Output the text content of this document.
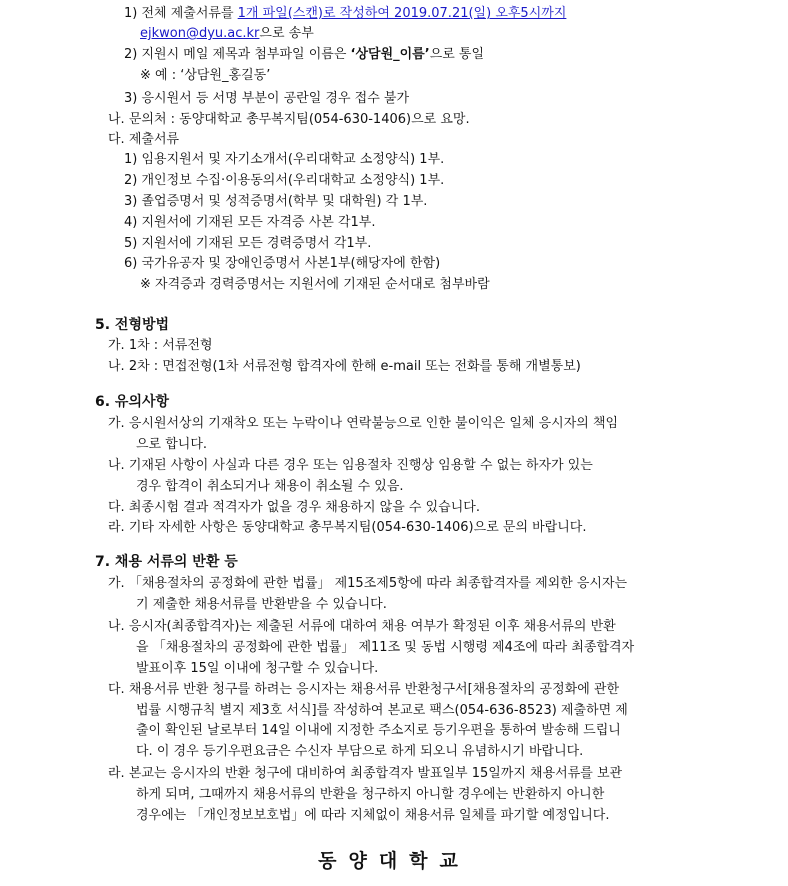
1) 전체 제출서류를 1개 파일(스캔)로 작성하여 2019.07.21(일) 오후5시까지
ejkwon@dyu.ac.kr으로 송부
2) 지원시 메일 제목과 첨부파일 이름은 ‘상담원_이름’으로 통일
※ 예 : ‘상담원_홍길동’
3) 응시원서 등 서명 부분이 공란일 경우 접수 불가
나. 문의처 : 동양대학교 총무복지팀(054-630-1406)으로 요망.
다. 제출서류
1) 임용지원서 및 자기소개서(우리대학교 소정양식) 1부.
2) 개인정보 수집·이용동의서(우리대학교 소정양식) 1부.
3) 졸업증명서 및 성적증명서(학부 및 대학원) 각 1부.
4) 지원서에 기재된 모든 자격증 사본 각1부.
5) 지원서에 기재된 모든 경력증명서 각1부.
6) 국가유공자 및 장애인증명서 사본1부(해당자에 한함)
※ 자격증과 경력증명서는 지원서에 기재된 순서대로 첨부바람
5. 전형방법
가. 1차 : 서류전형
나. 2차 : 면접전형(1차 서류전형 합격자에 한해 e-mail 또는 전화를 통해 개별통보)
6. 유의사항
가. 응시원서상의 기재착오 또는 누락이나 연락불능으로 인한 불이익은 일체 응시자의 책임
으로 합니다.
나. 기재된 사항이 사실과 다른 경우 또는 임용절차 진행상 임용할 수 없는 하자가 있는
경우 합격이 취소되거나 채용이 취소될 수 있음.
다. 최종시험 결과 적격자가 없을 경우 채용하지 않을 수 있습니다.
라. 기타 자세한 사항은 동양대학교 총무복지팀(054-630-1406)으로 문의 바랍니다.
7. 채용 서류의 반환 등
가. 「채용절차의 공정화에 관한 법률」 제15조제5항에 따라 최종합격자를 제외한 응시자는
기 제출한 채용서류를 반환받을 수 있습니다.
나. 응시자(최종합격자)는 제출된 서류에 대하여 채용 여부가 확정된 이후 채용서류의 반환
을 「채용절차의 공정화에 관한 법률」 제11조 및 동법 시행령 제4조에 따라 최종합격자
발표이후 15일 이내에 청구할 수 있습니다.
다. 채용서류 반환 청구를 하려는 응시자는 채용서류 반환청구서[채용절차의 공정화에 관한
법률 시행규칙 별지 제3호 서식]를 작성하여 본교로 팩스(054-636-8523) 제출하면 제
출이 확인된 날로부터 14일 이내에 지정한 주소지로 등기우편을 통하여 발송해 드립니
다. 이 경우 등기우편요금은 수신자 부담으로 하게 되오니 유념하시기 바랍니다.
라. 본교는 응시자의 반환 청구에 대비하여 최종합격자 발표일부 15일까지 채용서류를 보관
하게 되며, 그때까지 채용서류의 반환을 청구하지 아니할 경우에는 반환하지 아니한
경우에는 「개인정보보호법」에 따라 지체없이 채용서류 일체를 파기할 예정입니다.
동양대학교
